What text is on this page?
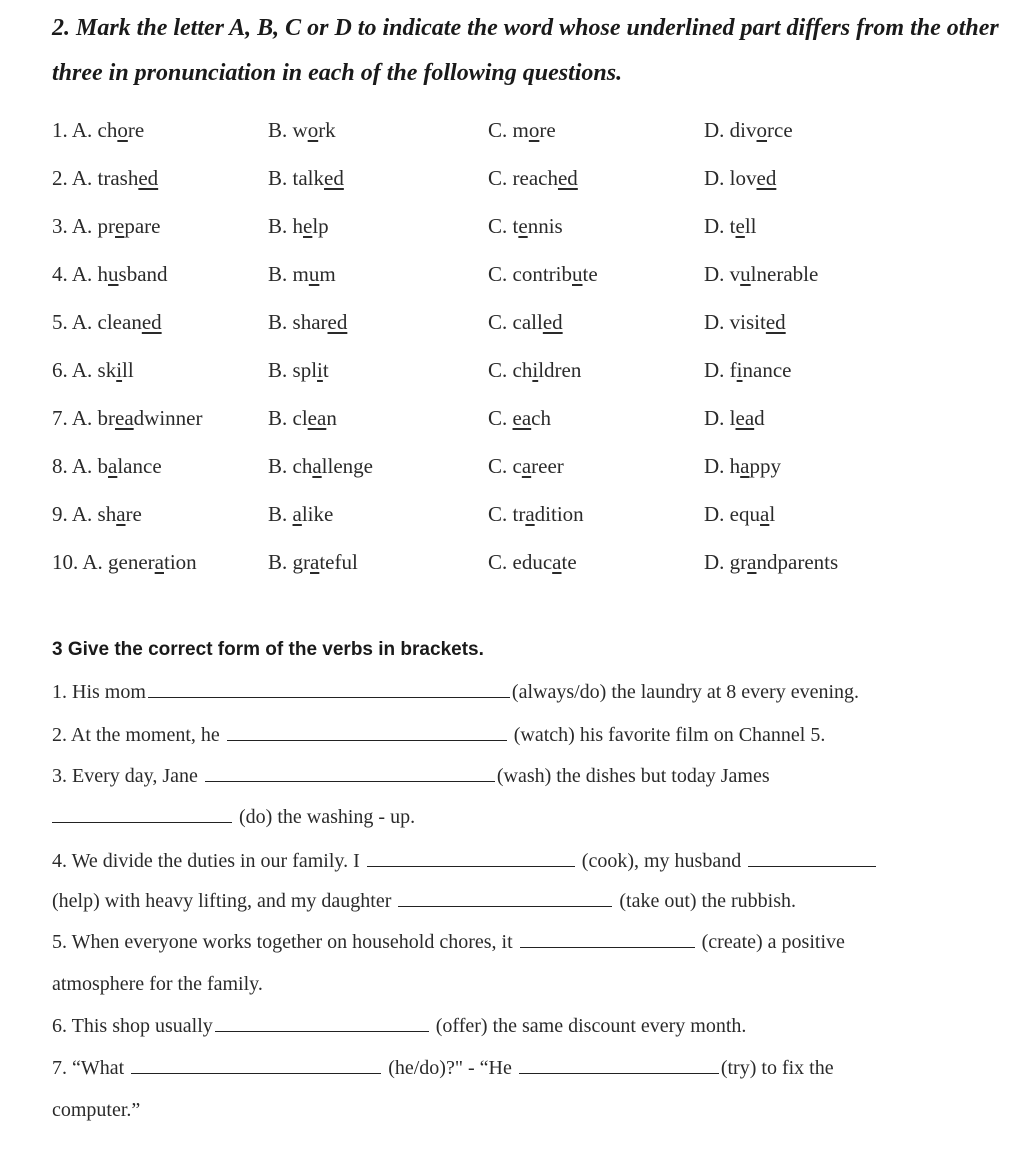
2. Mark the letter A, B, C or D to indicate the word whose underlined part differs from the other three in pronunciation in each of the following questions.
1. A. chore	B. work	C. more	D. divorce
2. A. trashed	B. talked	C. reached	D. loved
3. A. prepare	B. help	C. tennis	D. tell
4. A. husband	B. mum	C. contribute	D. vulnerable
5. A. cleaned	B. shared	C. called	D. visited
6. A. skill	B. split	C. children	D. finance
7. A. breadwinner	B. clean	C. each	D. lead
8. A. balance	B. challenge	C. career	D. happy
9. A. share	B. alike	C. tradition	D. equal
10. A. generation	B. grateful	C. educate	D. grandparents
3 Give the correct form of the verbs in brackets.
1. His mom	(always/do) the laundry at 8 every evening.
2. At the moment, he	(watch) his favorite film on Channel 5.
3. Every day, Jane	(wash) the dishes but today James
(do) the washing - up.
4. We divide the duties in our family. I	(cook), my husband
(help) with heavy lifting, and my daughter	(take out) the rubbish.
5. When everyone works together on household chores, it	(create) a positive
atmosphere for the family.
6. This shop usually	(offer) the same discount every month.
7. “What	(he/do)?" - “He	(try) to fix the
computer.”
